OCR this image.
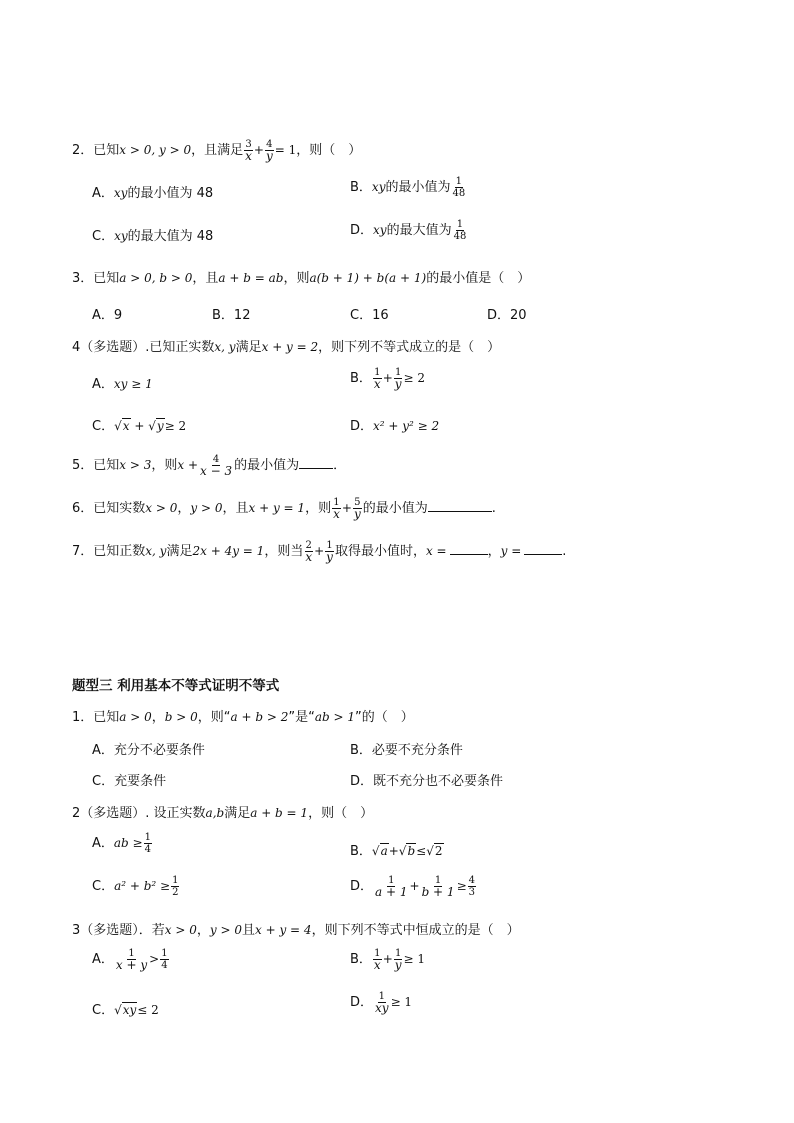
2．已知x > 0, y > 0，且满足 $\frac{3}{x} + \frac{4}{y} = 1$，则（　）
A．xy的最小值为 48	B．xy的最小值为 $\frac{1}{48}$
C．xy的最大值为 48	D．xy的最大值为 $\frac{1}{48}$
3．已知a > 0, b > 0，且a + b = ab，则a(b + 1) + b(a + 1)的最小值是（　）
A．9	B．12	C．16	D．20
4（多选题）.已知正实数x, y满足x + y = 2，则下列不等式成立的是（　）
A．xy ≥ 1	B． $\frac{1}{x} + \frac{1}{y} \ge 2$
C．√x + √y≥ 2	D．x² + y² ≥ 2
5．已知x > 3，则$x + \frac{4}{x - 3}$ 的最小值为	．
6．已知实数x > 0，y > 0，且x + y = 1，则 $\frac{1}{x} + \frac{5}{y}$ 的最小值为	.
7．已知正数x, y满足2x + 4y = 1，则当 $\frac{2}{x} + \frac{1}{y}$ 取得最小值时，x =	，y =	.
题型三 利用基本不等式证明不等式
1．已知a > 0，b > 0，则“a + b > 2”是“ab > 1”的（　）
A．充分不必要条件	B．必要不充分条件
C．充要条件	D．既不充分也不必要条件
2（多选题）. 设正实数a,b满足a + b = 1，则（　）
A．ab ≥ $\frac{1}{4}$	B．√a+√b≤√2
C．$a^2 + b^2 \ge \frac{1}{2}$	D． $\frac{1}{a + 1} + \frac{1}{b + 1} \ge \frac{4}{3}$
3（多选题）．若x > 0，y > 0且x + y = 4，则下列不等式中恒成立的是（　）
A． $\frac{1}{x + y} > \frac{1}{4}$	B． $\frac{1}{x} + \frac{1}{y} \ge 1$
C．√xy≤ 2	D． $\frac{1}{xy} \ge 1$
